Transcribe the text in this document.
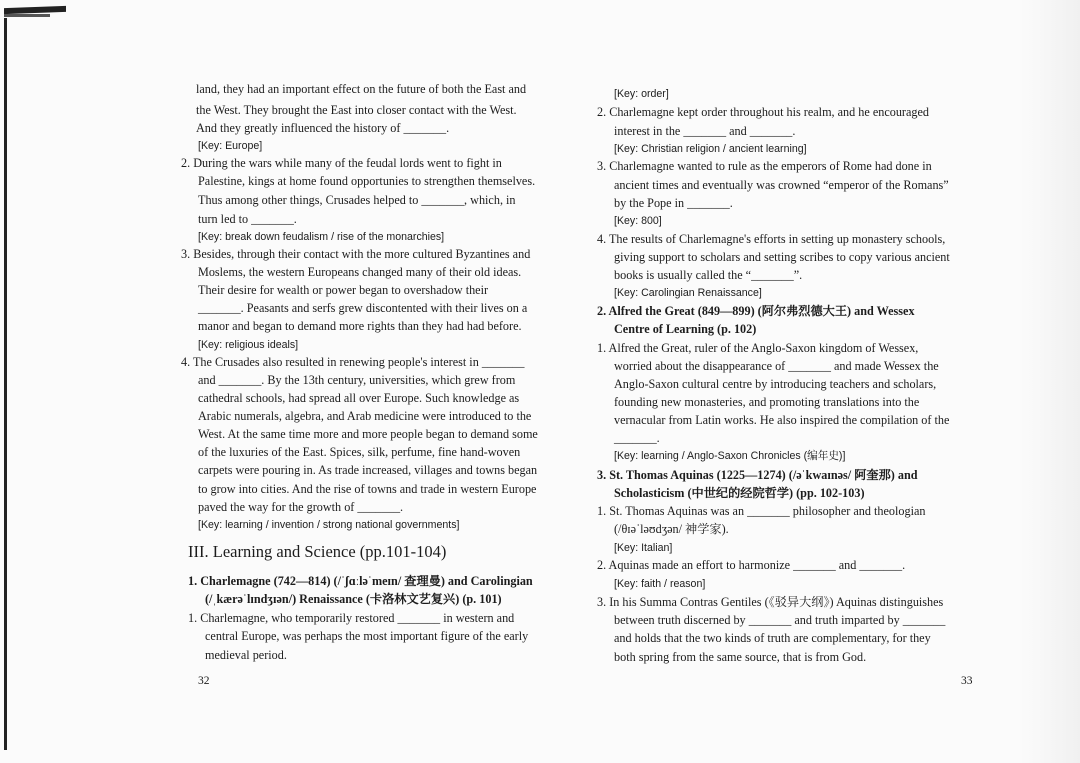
land, they had an important effect on the future of both the East and
the West. They brought the East into closer contact with the West.
And they greatly influenced the history of _______.
[Key: Europe]
2. During the wars while many of the feudal lords went to fight in
Palestine, kings at home found opportunies to strengthen themselves.
Thus among other things, Crusades helped to _______, which, in
turn led to _______.
[Key: break down feudalism / rise of the monarchies]
3. Besides, through their contact with the more cultured Byzantines and
Moslems, the western Europeans changed many of their old ideas.
Their desire for wealth or power began to overshadow their
_______. Peasants and serfs grew discontented with their lives on a
manor and began to demand more rights than they had had before.
[Key: religious ideals]
4. The Crusades also resulted in renewing people's interest in _______
and _______. By the 13th century, universities, which grew from
cathedral schools, had spread all over Europe. Such knowledge as
Arabic numerals, algebra, and Arab medicine were introduced to the
West. At the same time more and more people began to demand some
of the luxuries of the East. Spices, silk, perfume, fine hand-woven
carpets were pouring in. As trade increased, villages and towns began
to grow into cities. And the rise of towns and trade in western Europe
paved the way for the growth of _______.
[Key: learning / invention / strong national governments]
III. Learning and Science (pp.101-104)
1. Charlemagne (742—814) (/ˈʃɑːləˈmeɪn/ 查理曼) and Carolingian
(/ˌkærəˈlɪndʒɪən/) Renaissance (卡洛林文艺复兴) (p. 101)
1. Charlemagne, who temporarily restored _______ in western and
central Europe, was perhaps the most important figure of the early
medieval period.
32
[Key: order]
2. Charlemagne kept order throughout his realm, and he encouraged
interest in the _______ and _______.
[Key: Christian religion / ancient learning]
3. Charlemagne wanted to rule as the emperors of Rome had done in
ancient times and eventually was crowned “emperor of the Romans”
by the Pope in _______.
[Key: 800]
4. The results of Charlemagne's efforts in setting up monastery schools,
giving support to scholars and setting scribes to copy various ancient
books is usually called the “_______”.
[Key: Carolingian Renaissance]
2. Alfred the Great (849—899) (阿尔弗烈德大王) and Wessex
Centre of Learning (p. 102)
1. Alfred the Great, ruler of the Anglo-Saxon kingdom of Wessex,
worried about the disappearance of _______ and made Wessex the
Anglo-Saxon cultural centre by introducing teachers and scholars,
founding new monasteries, and promoting translations into the
vernacular from Latin works. He also inspired the compilation of the
_______.
[Key: learning / Anglo-Saxon Chronicles (编年史)]
3. St. Thomas Aquinas (1225—1274) (/əˈkwaɪnəs/ 阿奎那) and
Scholasticism (中世纪的经院哲学) (pp. 102-103)
1. St. Thomas Aquinas was an _______ philosopher and theologian
(/θɪəˈləʊdʒən/ 神学家).
[Key: Italian]
2. Aquinas made an effort to harmonize _______ and _______.
[Key: faith / reason]
3. In his Summa Contras Gentiles (《驳异大纲》) Aquinas distinguishes
between truth discerned by _______ and truth imparted by _______
and holds that the two kinds of truth are complementary, for they
both spring from the same source, that is from God.
33
